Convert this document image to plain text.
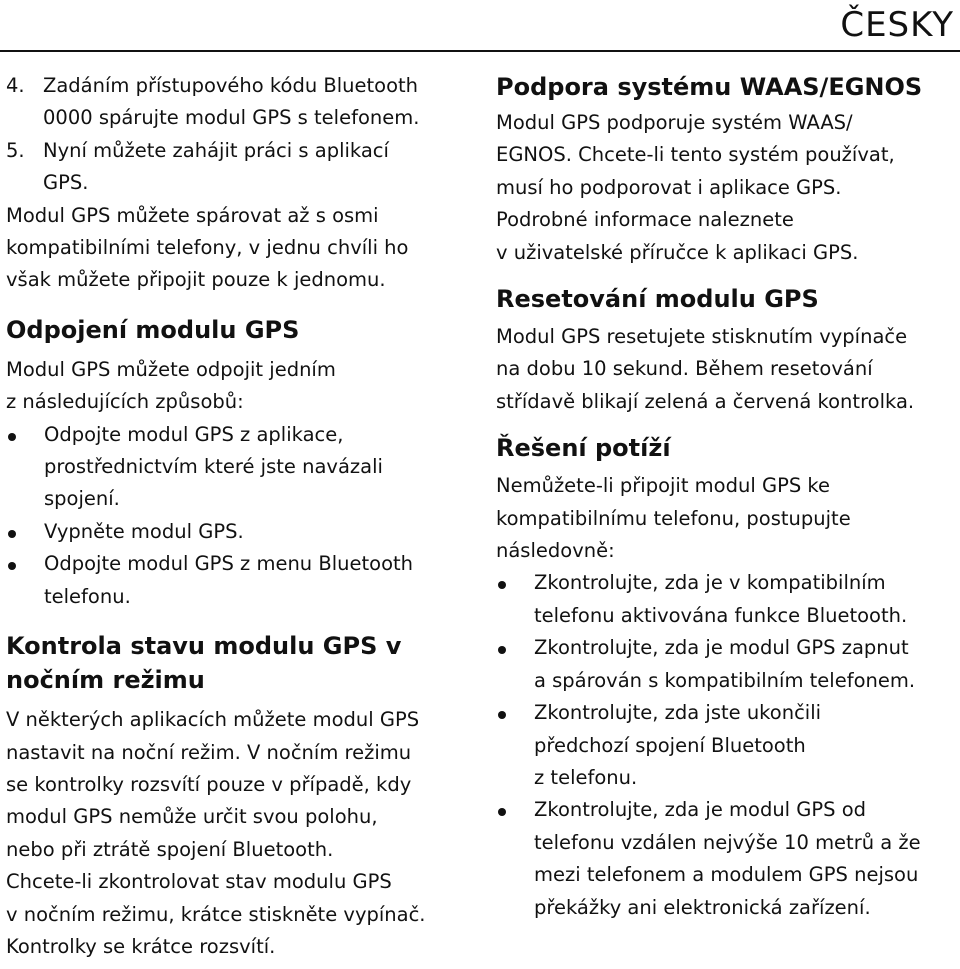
ČESKY
4. Zadáním přístupového kódu Bluetooth

0000 spárujte modul GPS s telefonem.

5. Nyní můžete zahájit práci s aplikací

GPS.

Modul GPS můžete spárovat až s osmi

kompatibilními telefony, v jednu chvíli ho

však můžete připojit pouze k jednomu.

Odpojení modulu GPS

Modul GPS můžete odpojit jedním

z následujících způsobů:

Odpojte modul GPS z aplikace,

prostřednictvím které jste navázali

spojení.

Vypněte modul GPS.

Odpojte modul GPS z menu Bluetooth

telefonu.

Kontrola stavu modulu GPS v
nočním režimu

V některých aplikacích můžete modul GPS

nastavit na noční režim. V nočním režimu

se kontrolky rozsvítí pouze v případě, kdy

modul GPS nemůže určit svou polohu,

nebo při ztrátě spojení Bluetooth.

Chcete-li zkontrolovat stav modulu GPS

v nočním režimu, krátce stiskněte vypínač.

Kontrolky se krátce rozsvítí.

Podpora systému WAAS/EGNOS

Modul GPS podporuje systém WAAS/

EGNOS. Chcete-li tento systém používat,

musí ho podporovat i aplikace GPS.

Podrobné informace naleznete

v uživatelské příručce k aplikaci GPS.

Resetování modulu GPS

Modul GPS resetujete stisknutím vypínače

na dobu 10 sekund. Během resetování

střídavě blikají zelená a červená kontrolka.

Řešení potíží

Nemůžete-li připojit modul GPS ke

kompatibilnímu telefonu, postupujte

následovně:

Zkontrolujte, zda je v kompatibilním

telefonu aktivována funkce Bluetooth.

Zkontrolujte, zda je modul GPS zapnut

a spárován s kompatibilním telefonem.

Zkontrolujte, zda jste ukončili

předchozí spojení Bluetooth

z telefonu.

Zkontrolujte, zda je modul GPS od

telefonu vzdálen nejvýše 10 metrů a že

mezi telefonem a modulem GPS nejsou

překážky ani elektronická zařízení.
